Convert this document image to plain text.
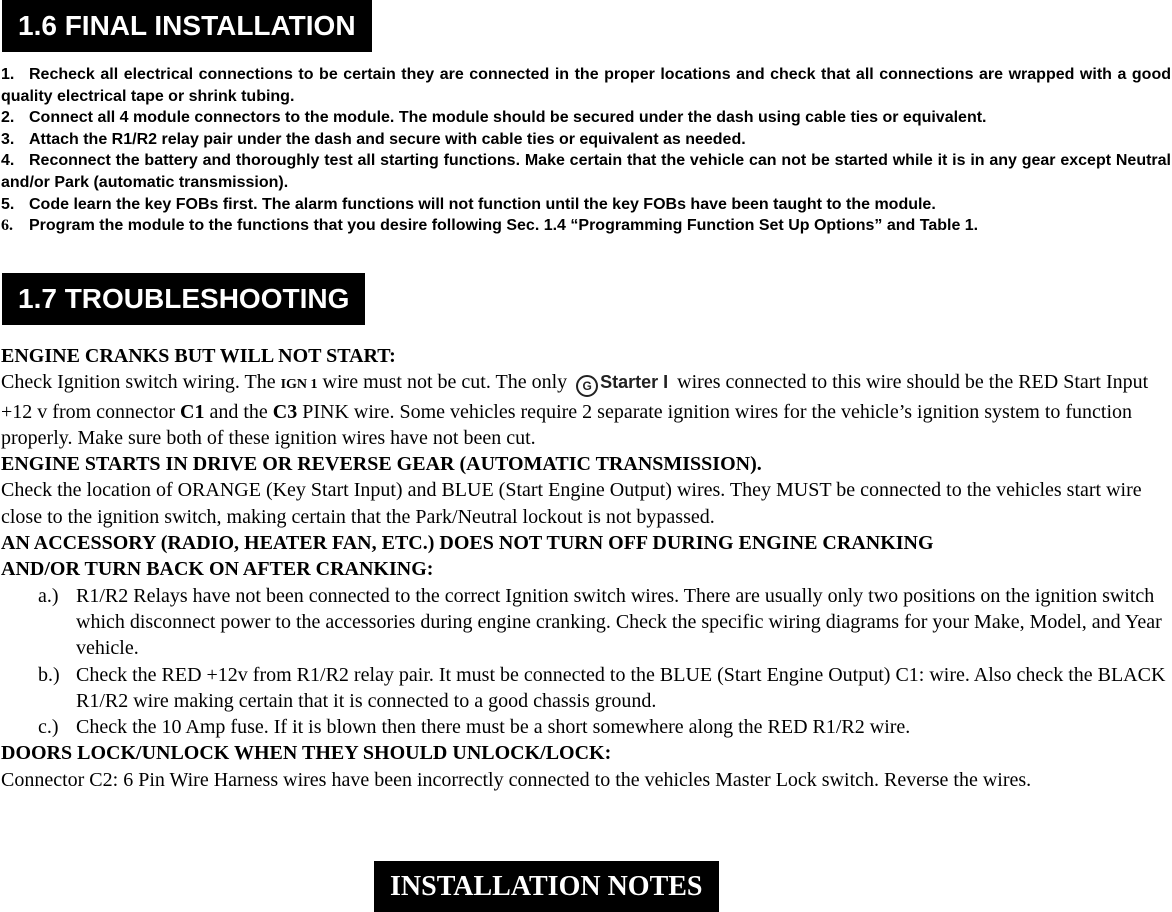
1.6 FINAL INSTALLATION

1. Recheck all electrical connections to be certain they are connected in the proper locations and check that all connections are wrapped with a good quality electrical tape or shrink tubing.

2. Connect all 4 module connectors to the module. The module should be secured under the dash using cable ties or equivalent.

3. Attach the R1/R2 relay pair under the dash and secure with cable ties or equivalent as needed.

4. Reconnect the battery and thoroughly test all starting functions. Make certain that the vehicle can not be started while it is in any gear except Neutral and/or Park (automatic transmission).

5. Code learn the key FOBs first. The alarm functions will not function until the key FOBs have been taught to the module.

6. Program the module to the functions that you desire following Sec. 1.4 “Programming Function Set Up Options” and Table 1.

1.7 TROUBLESHOOTING

ENGINE CRANKS BUT WILL NOT START:

Check Ignition switch wiring. The IGN 1 wire must not be cut. The only G Starter I wires connected to this wire should be the RED Start Input +12 v from connector C1 and the C3 PINK wire. Some vehicles require 2 separate ignition wires for the vehicle’s ignition system to function properly. Make sure both of these ignition wires have not been cut.

ENGINE STARTS IN DRIVE OR REVERSE GEAR (AUTOMATIC TRANSMISSION).

Check the location of ORANGE (Key Start Input) and BLUE (Start Engine Output) wires. They MUST be connected to the vehicles start wire close to the ignition switch, making certain that the Park/Neutral lockout is not bypassed.

AN ACCESSORY (RADIO, HEATER FAN, ETC.) DOES NOT TURN OFF DURING ENGINE CRANKING

AND/OR TURN BACK ON AFTER CRANKING:

a.) R1/R2 Relays have not been connected to the correct Ignition switch wires. There are usually only two positions on the ignition switch which disconnect power to the accessories during engine cranking. Check the specific wiring diagrams for your Make, Model, and Year vehicle.
b.) Check the RED +12v from R1/R2 relay pair. It must be connected to the BLUE (Start Engine Output) C1: wire. Also check the BLACK R1/R2 wire making certain that it is connected to a good chassis ground.
c.) Check the 10 Amp fuse. If it is blown then there must be a short somewhere along the RED R1/R2 wire.

DOORS LOCK/UNLOCK WHEN THEY SHOULD UNLOCK/LOCK:

Connector C2: 6 Pin Wire Harness wires have been incorrectly connected to the vehicles Master Lock switch. Reverse the wires.

INSTALLATION NOTES
